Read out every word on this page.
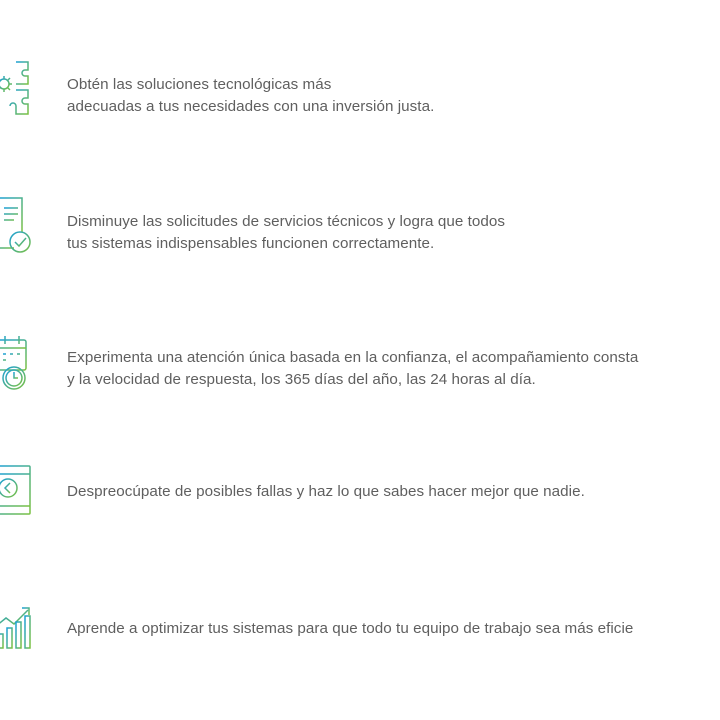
Obtén las soluciones tecnológicas más
adecuadas a tus necesidades con una inversión justa.
Disminuye las solicitudes de servicios técnicos y logra que todos
tus sistemas indispensables funcionen correctamente.
Experimenta una atención única basada en la confianza, el acompañamiento consta
y la velocidad de respuesta, los 365 días del año, las 24 horas al día.
Despreocúpate de posibles fallas y haz lo que sabes hacer mejor que nadie.
Aprende a optimizar tus sistemas para que todo tu equipo de trabajo sea más eficie
